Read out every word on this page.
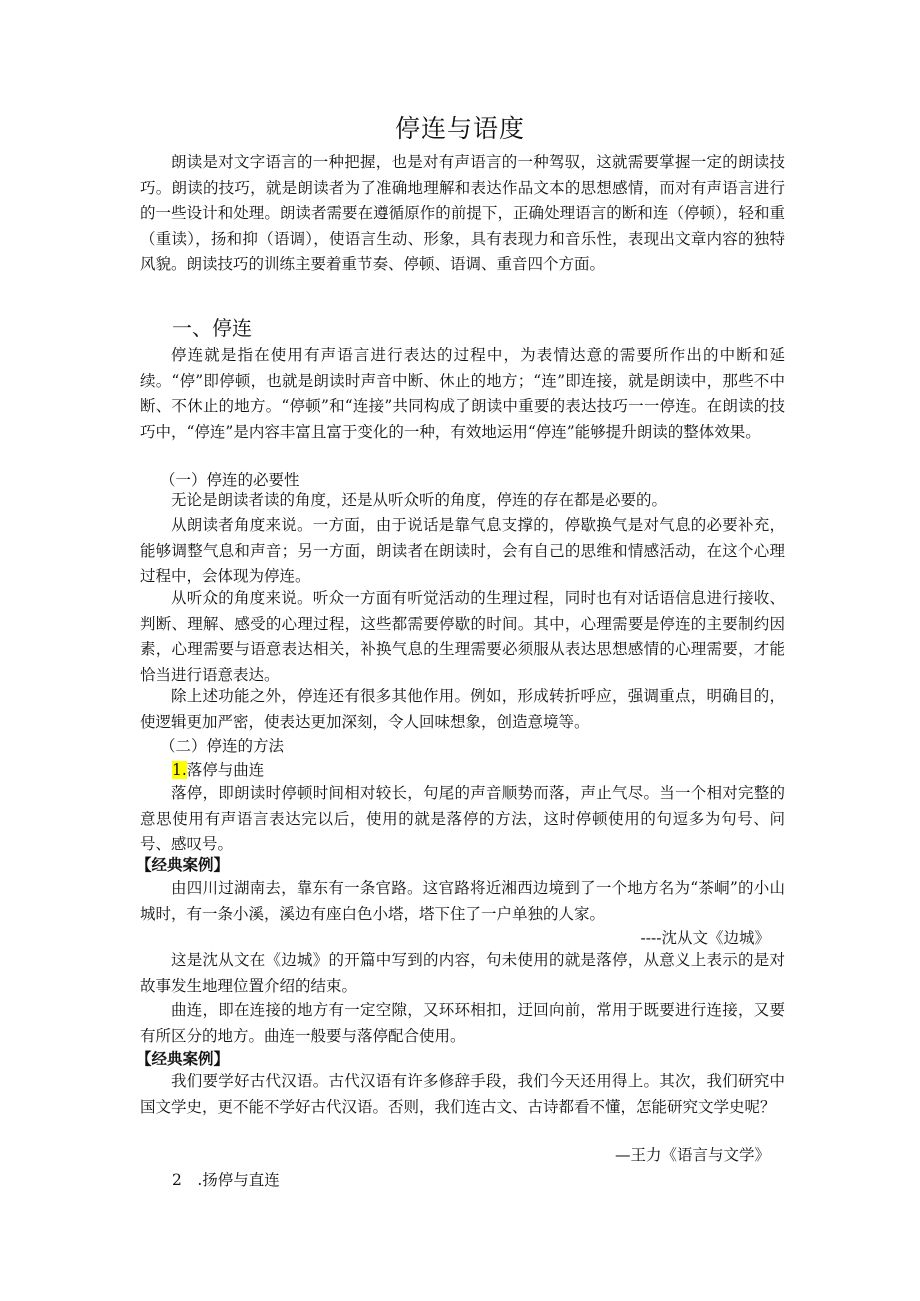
停连与语度
朗读是对文字语言的一种把握，也是对有声语言的一种驾驭，这就需要掌握一定的朗读技巧。朗读的技巧，就是朗读者为了准确地理解和表达作品文本的思想感情，而对有声语言进行的一些设计和处理。朗读者需要在遵循原作的前提下，正确处理语言的断和连（停顿），轻和重（重读），扬和抑（语调），使语言生动、形象，具有表现力和音乐性，表现出文章内容的独特风貌。朗读技巧的训练主要着重节奏、停顿、语调、重音四个方面。
一、停连
停连就是指在使用有声语言进行表达的过程中，为表情达意的需要所作出的中断和延续。“停”即停顿，也就是朗读时声音中断、休止的地方；“连”即连接，就是朗读中，那些不中断、不休止的地方。“停顿”和“连接”共同构成了朗读中重要的表达技巧一一停连。在朗读的技巧中，“停连”是内容丰富且富于变化的一种，有效地运用“停连”能够提升朗读的整体效果。
（一）停连的必要性
无论是朗读者读的角度，还是从听众听的角度，停连的存在都是必要的。
从朗读者角度来说。一方面，由于说话是靠气息支撑的，停歇换气是对气息的必要补充，能够调整气息和声音；另一方面，朗读者在朗读时，会有自己的思维和情感活动，在这个心理过程中，会体现为停连。
从听众的角度来说。听众一方面有听觉活动的生理过程，同时也有对话语信息进行接收、判断、理解、感受的心理过程，这些都需要停歇的时间。其中，心理需要是停连的主要制约因素，心理需要与语意表达相关，补换气息的生理需要必须服从表达思想感情的心理需要，才能恰当进行语意表达。
除上述功能之外，停连还有很多其他作用。例如，形成转折呼应，强调重点，明确目的，使逻辑更加严密，使表达更加深刻，令人回味想象，创造意境等。
（二）停连的方法
1.落停与曲连
落停，即朗读时停顿时间相对较长，句尾的声音顺势而落，声止气尽。当一个相对完整的意思使用有声语言表达完以后，使用的就是落停的方法，这时停顿使用的句逗多为句号、问号、感叹号。
【经典案例】
由四川过湖南去，靠东有一条官路。这官路将近湘西边境到了一个地方名为“茶峒”的小山城时，有一条小溪，溪边有座白色小塔，塔下住了一户单独的人家。
----沈从文《边城》
这是沈从文在《边城》的开篇中写到的内容，句未使用的就是落停，从意义上表示的是对故事发生地理位置介绍的结束。
曲连，即在连接的地方有一定空隙，又环环相扣，迂回向前，常用于既要进行连接，又要有所区分的地方。曲连一般要与落停配合使用。
【经典案例】
我们要学好古代汉语。古代汉语有许多修辞手段，我们今天还用得上。其次，我们研究中国文学史，更不能不学好古代汉语。否则，我们连古文、古诗都看不懂，怎能研究文学史呢？
—王力《语言与文学》
2　.扬停与直连
